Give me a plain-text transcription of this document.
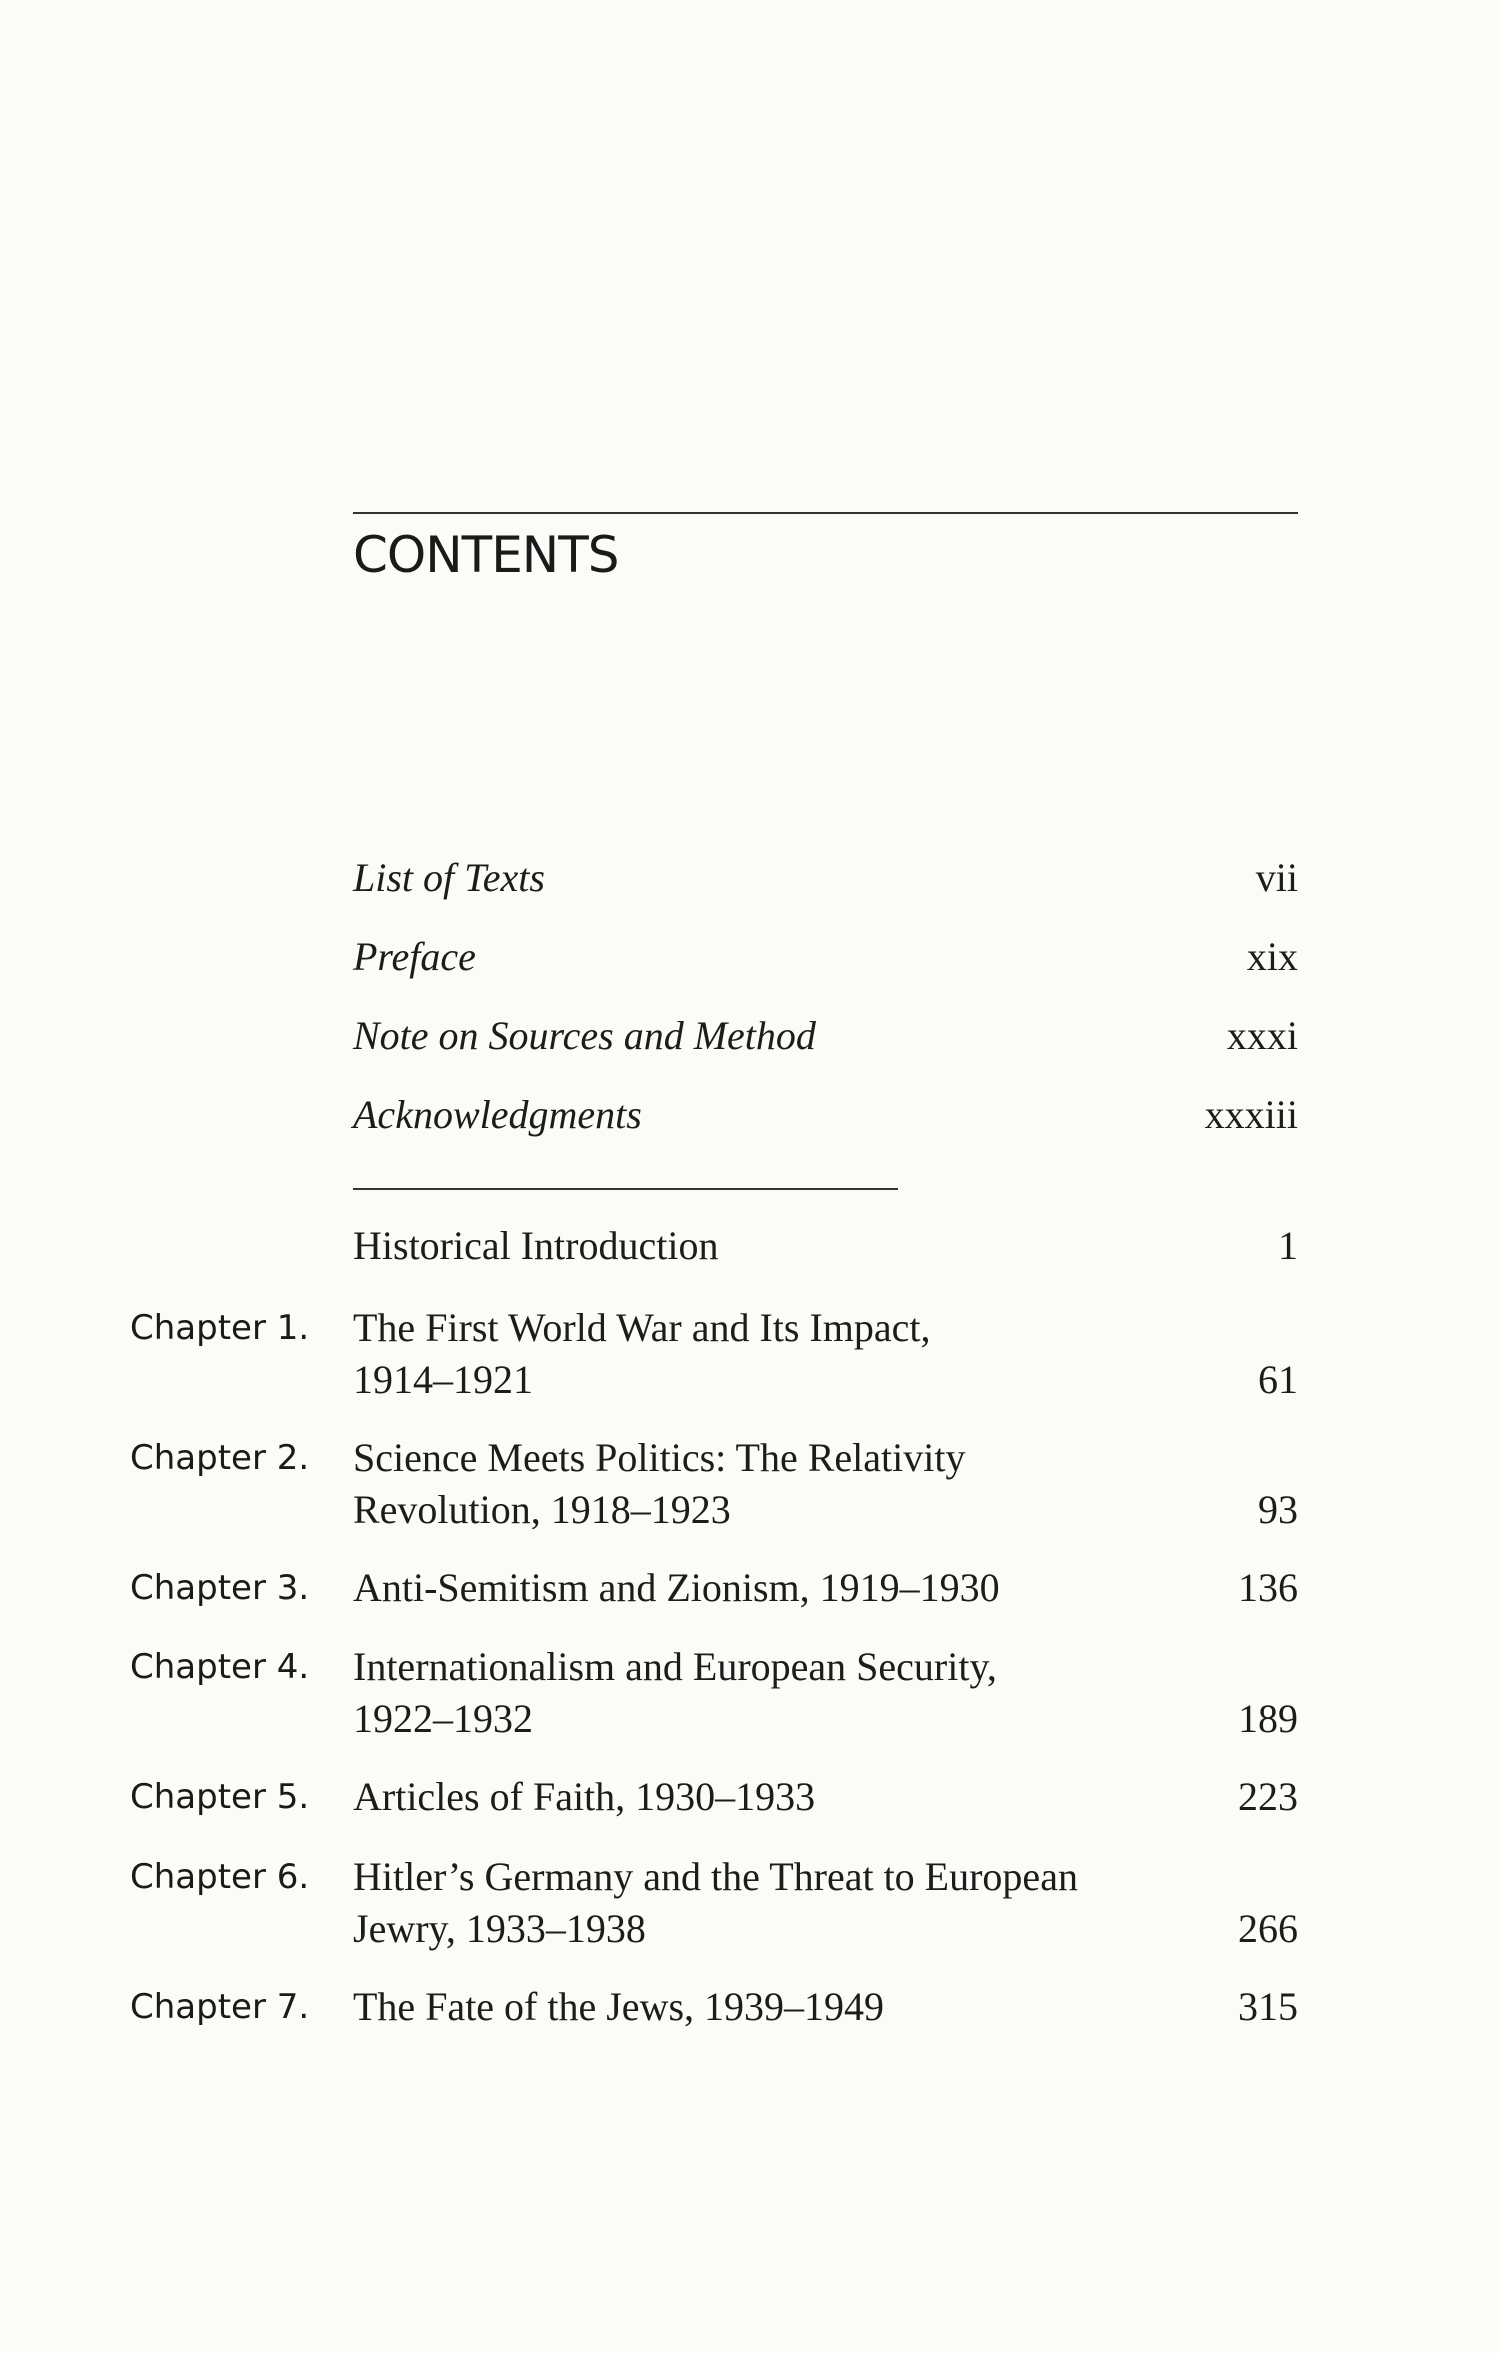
CONTENTS
List of Texts	vii
Preface	xix
Note on Sources and Method	xxxi
Acknowledgments	xxxiii
Historical Introduction	1
Chapter 1. The First World War and Its Impact,
1914–1921	61
Chapter 2. Science Meets Politics: The Relativity
Revolution, 1918–1923	93
Chapter 3. Anti-Semitism and Zionism, 1919–1930	136
Chapter 4. Internationalism and European Security,
1922–1932	189
Chapter 5. Articles of Faith, 1930–1933	223
Chapter 6. Hitler’s Germany and the Threat to European
Jewry, 1933–1938	266
Chapter 7. The Fate of the Jews, 1939–1949	315
